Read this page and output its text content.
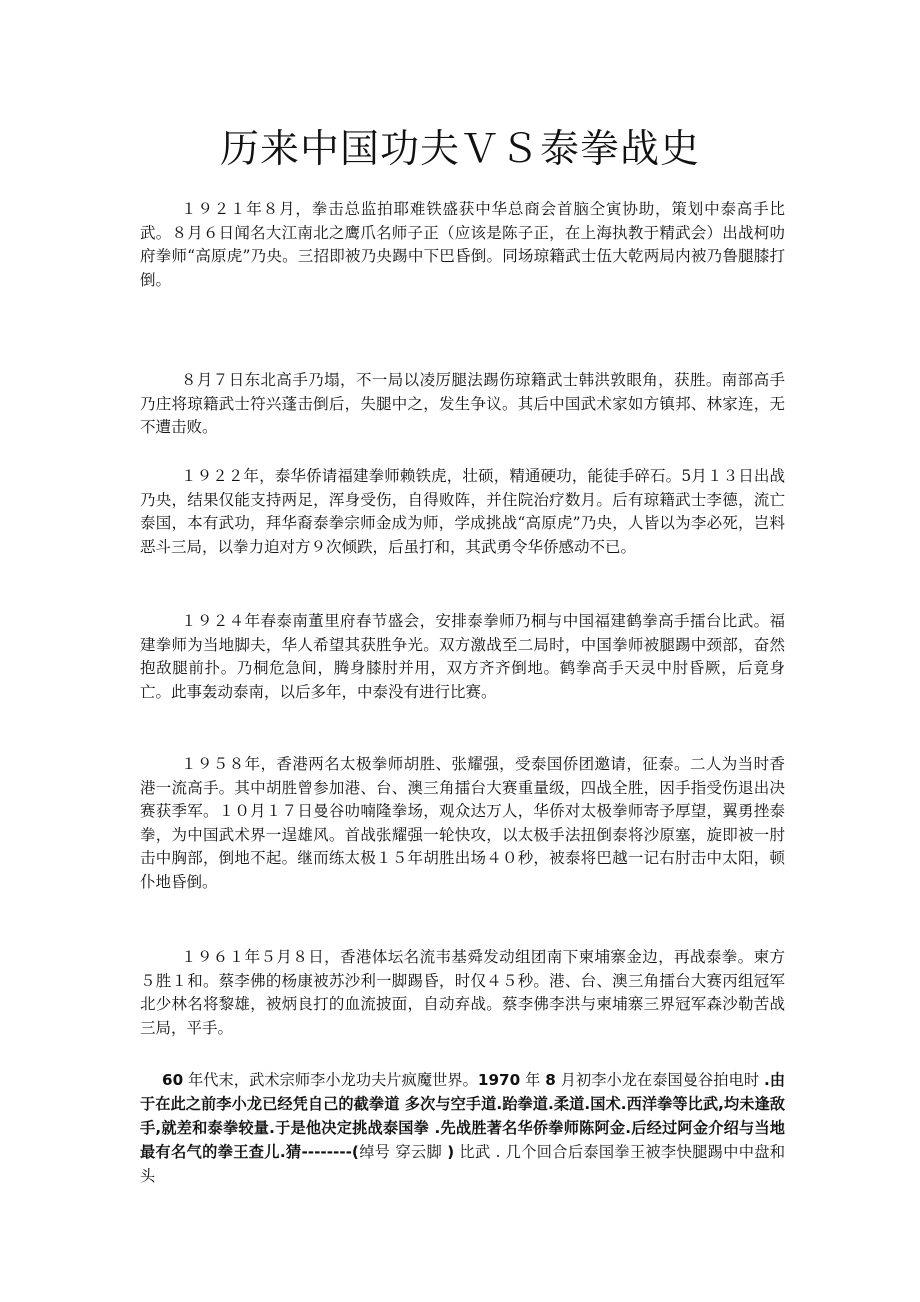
历来中国功夫ＶＳ泰拳战史

１９２１年８月，拳击总监拍耶难铁盛获中华总商会首脑仝寅协助，策划中泰高手比武。８月６日闻名大江南北之鹰爪名师子正（应该是陈子正，在上海执教于精武会）出战柯叻府拳师“高原虎”乃央。三招即被乃央踢中下巴昏倒。同场琼籍武士伍大乾两局内被乃鲁腿膝打倒。

８月７日东北高手乃塌，不一局以凌厉腿法踢伤琼籍武士韩洪敦眼角，获胜。南部高手乃庄将琼籍武士符兴蓬击倒后，失腿中之，发生争议。其后中国武术家如方镇邦、林家连，无不遭击败。

１９２２年，泰华侨请福建拳师赖铁虎，壮硕，精通硬功，能徒手碎石。5月１３日出战乃央，结果仅能支持两足，浑身受伤，自得败阵，并住院治疗数月。后有琼籍武士李德，流亡泰国，本有武功，拜华裔泰拳宗师金成为师，学成挑战“高原虎”乃央，人皆以为李必死，岂料恶斗三局，以拳力迫对方９次倾跌，后虽打和，其武勇令华侨感动不已。

１９２４年春泰南董里府春节盛会，安排泰拳师乃桐与中国福建鹤拳高手擂台比武。福建拳师为当地脚夫，华人希望其获胜争光。双方激战至二局时，中国拳师被腿踢中颈部，奋然抱敌腿前扑。乃桐危急间，腾身膝肘并用，双方齐齐倒地。鹤拳高手天灵中肘昏厥，后竟身亡。此事轰动泰南，以后多年，中泰没有进行比赛。

１９５８年，香港两名太极拳师胡胜、张耀强，受泰国侨团邀请，征泰。二人为当时香港一流高手。其中胡胜曾参加港、台、澳三角擂台大赛重量级，四战全胜，因手指受伤退出决赛获季军。１０月１７日曼谷叻喃隆拳场，观众达万人，华侨对太极拳师寄予厚望，翼勇挫泰拳，为中国武术界一逞雄风。首战张耀强一轮快攻，以太极手法扭倒泰将沙原塞，旋即被一肘击中胸部，倒地不起。继而练太极１５年胡胜出场４０秒，被泰将巴越一记右肘击中太阳，顿仆地昏倒。

１９６１年５月８日，香港体坛名流韦基舜发动组团南下柬埔寨金边，再战泰拳。柬方５胜１和。蔡李佛的杨康被苏沙利一脚踢昏，时仅４５秒。港、台、澳三角擂台大赛丙组冠军北少林名将黎雄，被炳良打的血流披面，自动弃战。蔡李佛李洪与柬埔寨三界冠军森沙勒苦战三局，平手。

60 年代末，武术宗师李小龙功夫片疯魔世界。1970 年 8 月初李小龙在泰国曼谷拍电时 .由于在此之前李小龙已经凭自己的截拳道 多次与空手道.跆拳道.柔道.国术.西洋拳等比武,均未逢敌手,就差和泰拳较量.于是他决定挑战泰国拳 .先战胜著名华侨拳师陈阿金.后经过阿金介绍与当地最有名气的拳王查儿.猜--------(绰号 穿云脚 ) 比武 . 几个回合后泰国拳王被李快腿踢中中盘和头
